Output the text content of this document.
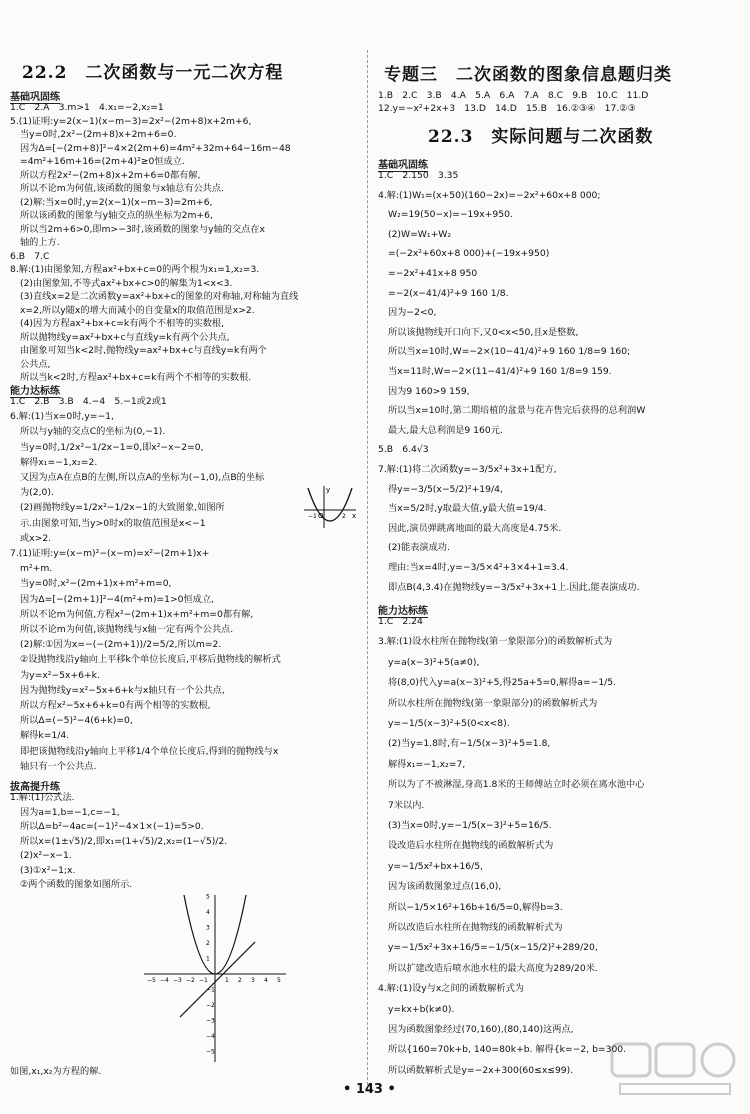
22.2　二次函数与一元二次方程
基础巩固练
1.C　2.A　3.m>1　4.x₁=−2,x₂=1
5.(1)证明:y=2(x−1)(x−m−3)=2x²−(2m+8)x+2m+6,
当y=0时,2x²−(2m+8)x+2m+6=0.
因为Δ=[−(2m+8)]²−4×2(2m+6)=4m²+32m+64−16m−48
=4m²+16m+16=(2m+4)²≥0恒成立.
所以方程2x²−(2m+8)x+2m+6=0都有解,
所以不论m为何值,该函数的图象与x轴总有公共点.
(2)解:当x=0时,y=2(x−1)(x−m−3)=2m+6,
所以该函数的图象与y轴交点的纵坐标为2m+6,
所以当2m+6>0,即m>−3时,该函数的图象与y轴的交点在x
轴的上方.
6.B　7.C
8.解:(1)由图象知,方程ax²+bx+c=0的两个根为x₁=1,x₂=3.
(2)由图象知,不等式ax²+bx+c>0的解集为1<x<3.
(3)直线x=2是二次函数y=ax²+bx+c的图象的对称轴,对称轴为直线
x=2,所以y随x的增大而减小的自变量x的取值范围是x>2.
(4)因为方程ax²+bx+c=k有两个不相等的实数根,
所以抛物线y=ax²+bx+c与直线y=k有两个公共点,
由图象可知当k<2时,抛物线y=ax²+bx+c与直线y=k有两个
公共点,
所以当k<2时,方程ax²+bx+c=k有两个不相等的实数根.
能力达标练
1.C　2.B　3.B　4.−4　5.−1或2或1
6.解:(1)当x=0时,y=−1,
所以与y轴的交点C的坐标为(0,−1).
当y=0时,1/2x²−1/2x−1=0,即x²−x−2=0,
解得x₁=−1,x₂=2.
又因为点A在点B的左侧,所以点A的坐标为(−1,0),点B的坐标
为(2,0).
(2)画抛物线y=1/2x²−1/2x−1的大致图象,如图所
示.由图象可知,当y>0时x的取值范围是x<−1
或x>2.
7.(1)证明:y=(x−m)²−(x−m)=x²−(2m+1)x+
m²+m.
当y=0时,x²−(2m+1)x+m²+m=0,
因为Δ=[−(2m+1)]²−4(m²+m)=1>0恒成立,
所以不论m为何值,方程x²−(2m+1)x+m²+m=0都有解,
所以不论m为何值,该抛物线与x轴一定有两个公共点.
(2)解:①因为x=−(−(2m+1))/2=5/2,所以m=2.
②设抛物线沿y轴向上平移k个单位长度后,平移后抛物线的解析式
为y=x²−5x+6+k.
因为抛物线y=x²−5x+6+k与x轴只有一个公共点,
所以方程x²−5x+6+k=0有两个相等的实数根,
所以Δ=(−5)²−4(6+k)=0,
解得k=1/4.
即把该抛物线沿y轴向上平移1/4个单位长度后,得到的抛物线与x
轴只有一个公共点.
y
O	x
−1	2
拔高提升练
1.解:(1)公式法.
因为a=1,b=−1,c=−1,
所以Δ=b²−4ac=(−1)²−4×1×(−1)=5>0.
所以x=(1±√5)/2,即x₁=(1+√5)/2,x₂=(1−√5)/2.
(2)x²−x−1.
(3)①x²−1;x.
②两个函数的图象如图所示.
−5 −4 −3 −2 −1	1 2 3 4 5
5
4
3
2
1
−1
−2
−3
−4
−5
如图,x₁,x₂为方程的解.
专题三　二次函数的图象信息题归类
1.B　2.C　3.B　4.A　5.A　6.A　7.A　8.C　9.B　10.C　11.D
12.y=−x²+2x+3　13.D　14.D　15.B　16.②③④　17.②③
22.3　实际问题与二次函数
基础巩固练
1.C　2.150　3.35
4.解:(1)W₁=(x+50)(160−2x)=−2x²+60x+8 000;
W₂=19(50−x)=−19x+950.
(2)W=W₁+W₂
=(−2x²+60x+8 000)+(−19x+950)
=−2x²+41x+8 950
=−2(x−41/4)²+9 160 1/8.
因为−2<0,
所以该抛物线开口向下,又0<x<50,且x是整数,
所以当x=10时,W=−2×(10−41/4)²+9 160 1/8=9 160;
当x=11时,W=−2×(11−41/4)²+9 160 1/8=9 159.
因为9 160>9 159,
所以当x=10时,第二期培植的盆景与花卉售完后获得的总利润W
最大,最大总利润是9 160元.
5.B　6.4√3
7.解:(1)将二次函数y=−3/5x²+3x+1配方,
得y=−3/5(x−5/2)²+19/4,
当x=5/2时,y取最大值,y最大值=19/4.
因此,演员弹跳离地面的最大高度是4.75米.
(2)能表演成功.
理由:当x=4时,y=−3/5×4²+3×4+1=3.4.
即点B(4,3.4)在抛物线y=−3/5x²+3x+1上.因此,能表演成功.
能力达标练
1.C　2.24
3.解:(1)设水柱所在抛物线(第一象限部分)的函数解析式为
y=a(x−3)²+5(a≠0),
将(8,0)代入y=a(x−3)²+5,得25a+5=0,解得a=−1/5.
所以水柱所在抛物线(第一象限部分)的函数解析式为
y=−1/5(x−3)²+5(0<x<8).
(2)当y=1.8时,有−1/5(x−3)²+5=1.8,
解得x₁=−1,x₂=7,
所以为了不被淋湿,身高1.8米的王师傅站立时必须在离水池中心
7米以内.
(3)当x=0时,y=−1/5(x−3)²+5=16/5.
设改造后水柱所在抛物线的函数解析式为
y=−1/5x²+bx+16/5,
因为该函数图象过点(16,0),
所以−1/5×16²+16b+16/5=0,解得b=3.
所以改造后水柱所在抛物线的函数解析式为
y=−1/5x²+3x+16/5=−1/5(x−15/2)²+289/20,
所以扩建改造后喷水池水柱的最大高度为289/20米.
4.解:(1)设y与x之间的函数解析式为
y=kx+b(k≠0).
因为函数图象经过(70,160),(80,140)这两点,
所以{160=70k+b, 140=80k+b. 解得{k=−2, b=300.
所以函数解析式是y=−2x+300(60≤x≤99).
• 143 •
